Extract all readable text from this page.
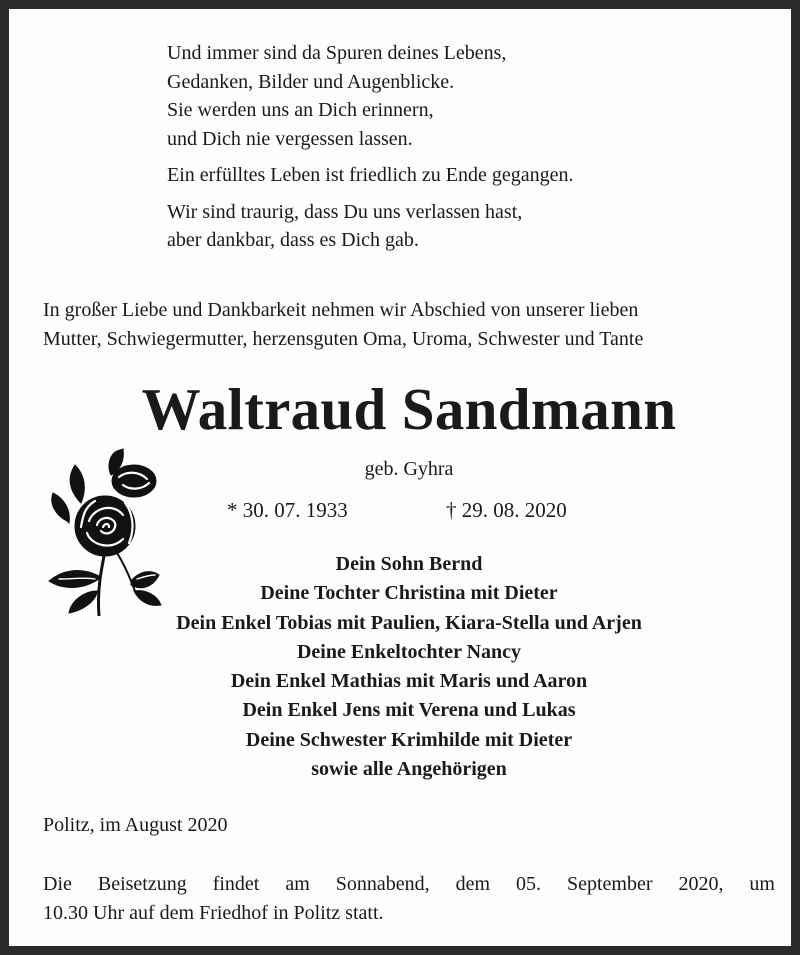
Und immer sind da Spuren deines Lebens,
Gedanken, Bilder und Augenblicke.
Sie werden uns an Dich erinnern,
und Dich nie vergessen lassen.
Ein erfülltes Leben ist friedlich zu Ende gegangen.
Wir sind traurig, dass Du uns verlassen hast,
aber dankbar, dass es Dich gab.
In großer Liebe und Dankbarkeit nehmen wir Abschied von unserer lieben
Mutter, Schwiegermutter, herzensguten Oma, Uroma, Schwester und Tante
Waltraud Sandmann
geb. Gyhra
* 30. 07. 1933	† 29. 08. 2020
Dein Sohn Bernd
Deine Tochter Christina mit Dieter
Dein Enkel Tobias mit Paulien, Kiara-Stella und Arjen
Deine Enkeltochter Nancy
Dein Enkel Mathias mit Maris und Aaron
Dein Enkel Jens mit Verena und Lukas
Deine Schwester Krimhilde mit Dieter
sowie alle Angehörigen
Politz, im August 2020
Die Beisetzung findet am Sonnabend, dem 05. September 2020, um
10.30 Uhr auf dem Friedhof in Politz statt.
